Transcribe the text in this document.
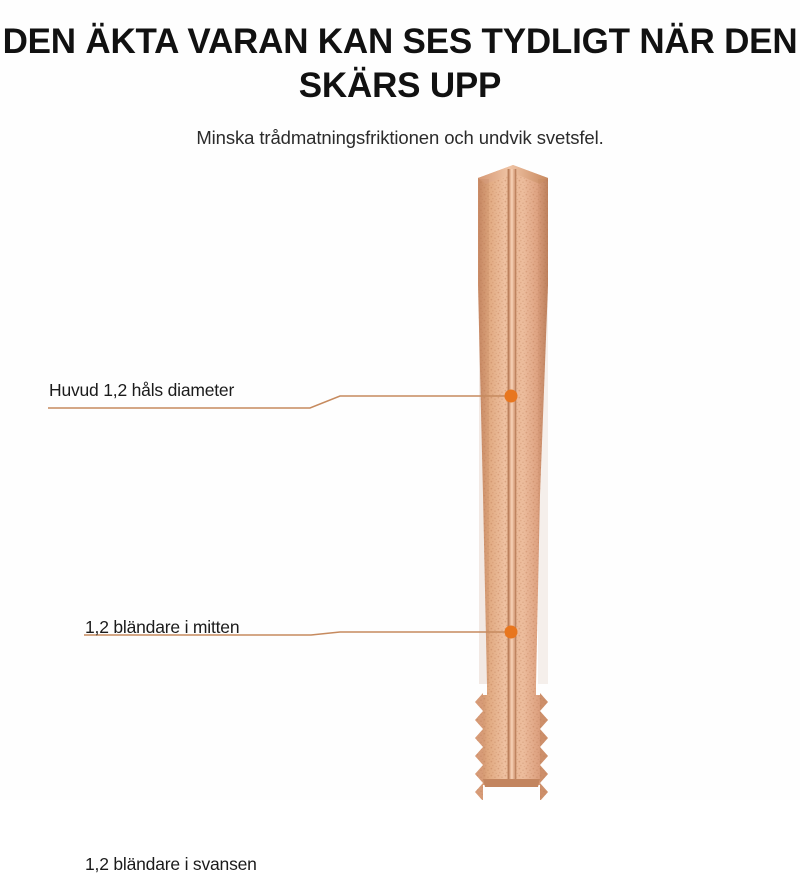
DEN ÄKTA VARAN KAN SES TYDLIGT NÄR DEN SKÄRS UPP

Minska trådmatningsfriktionen och undvik svetsfel.

Huvud 1,2 håls diameter
1,2 bländare i mitten
1,2 bländare i svansen
